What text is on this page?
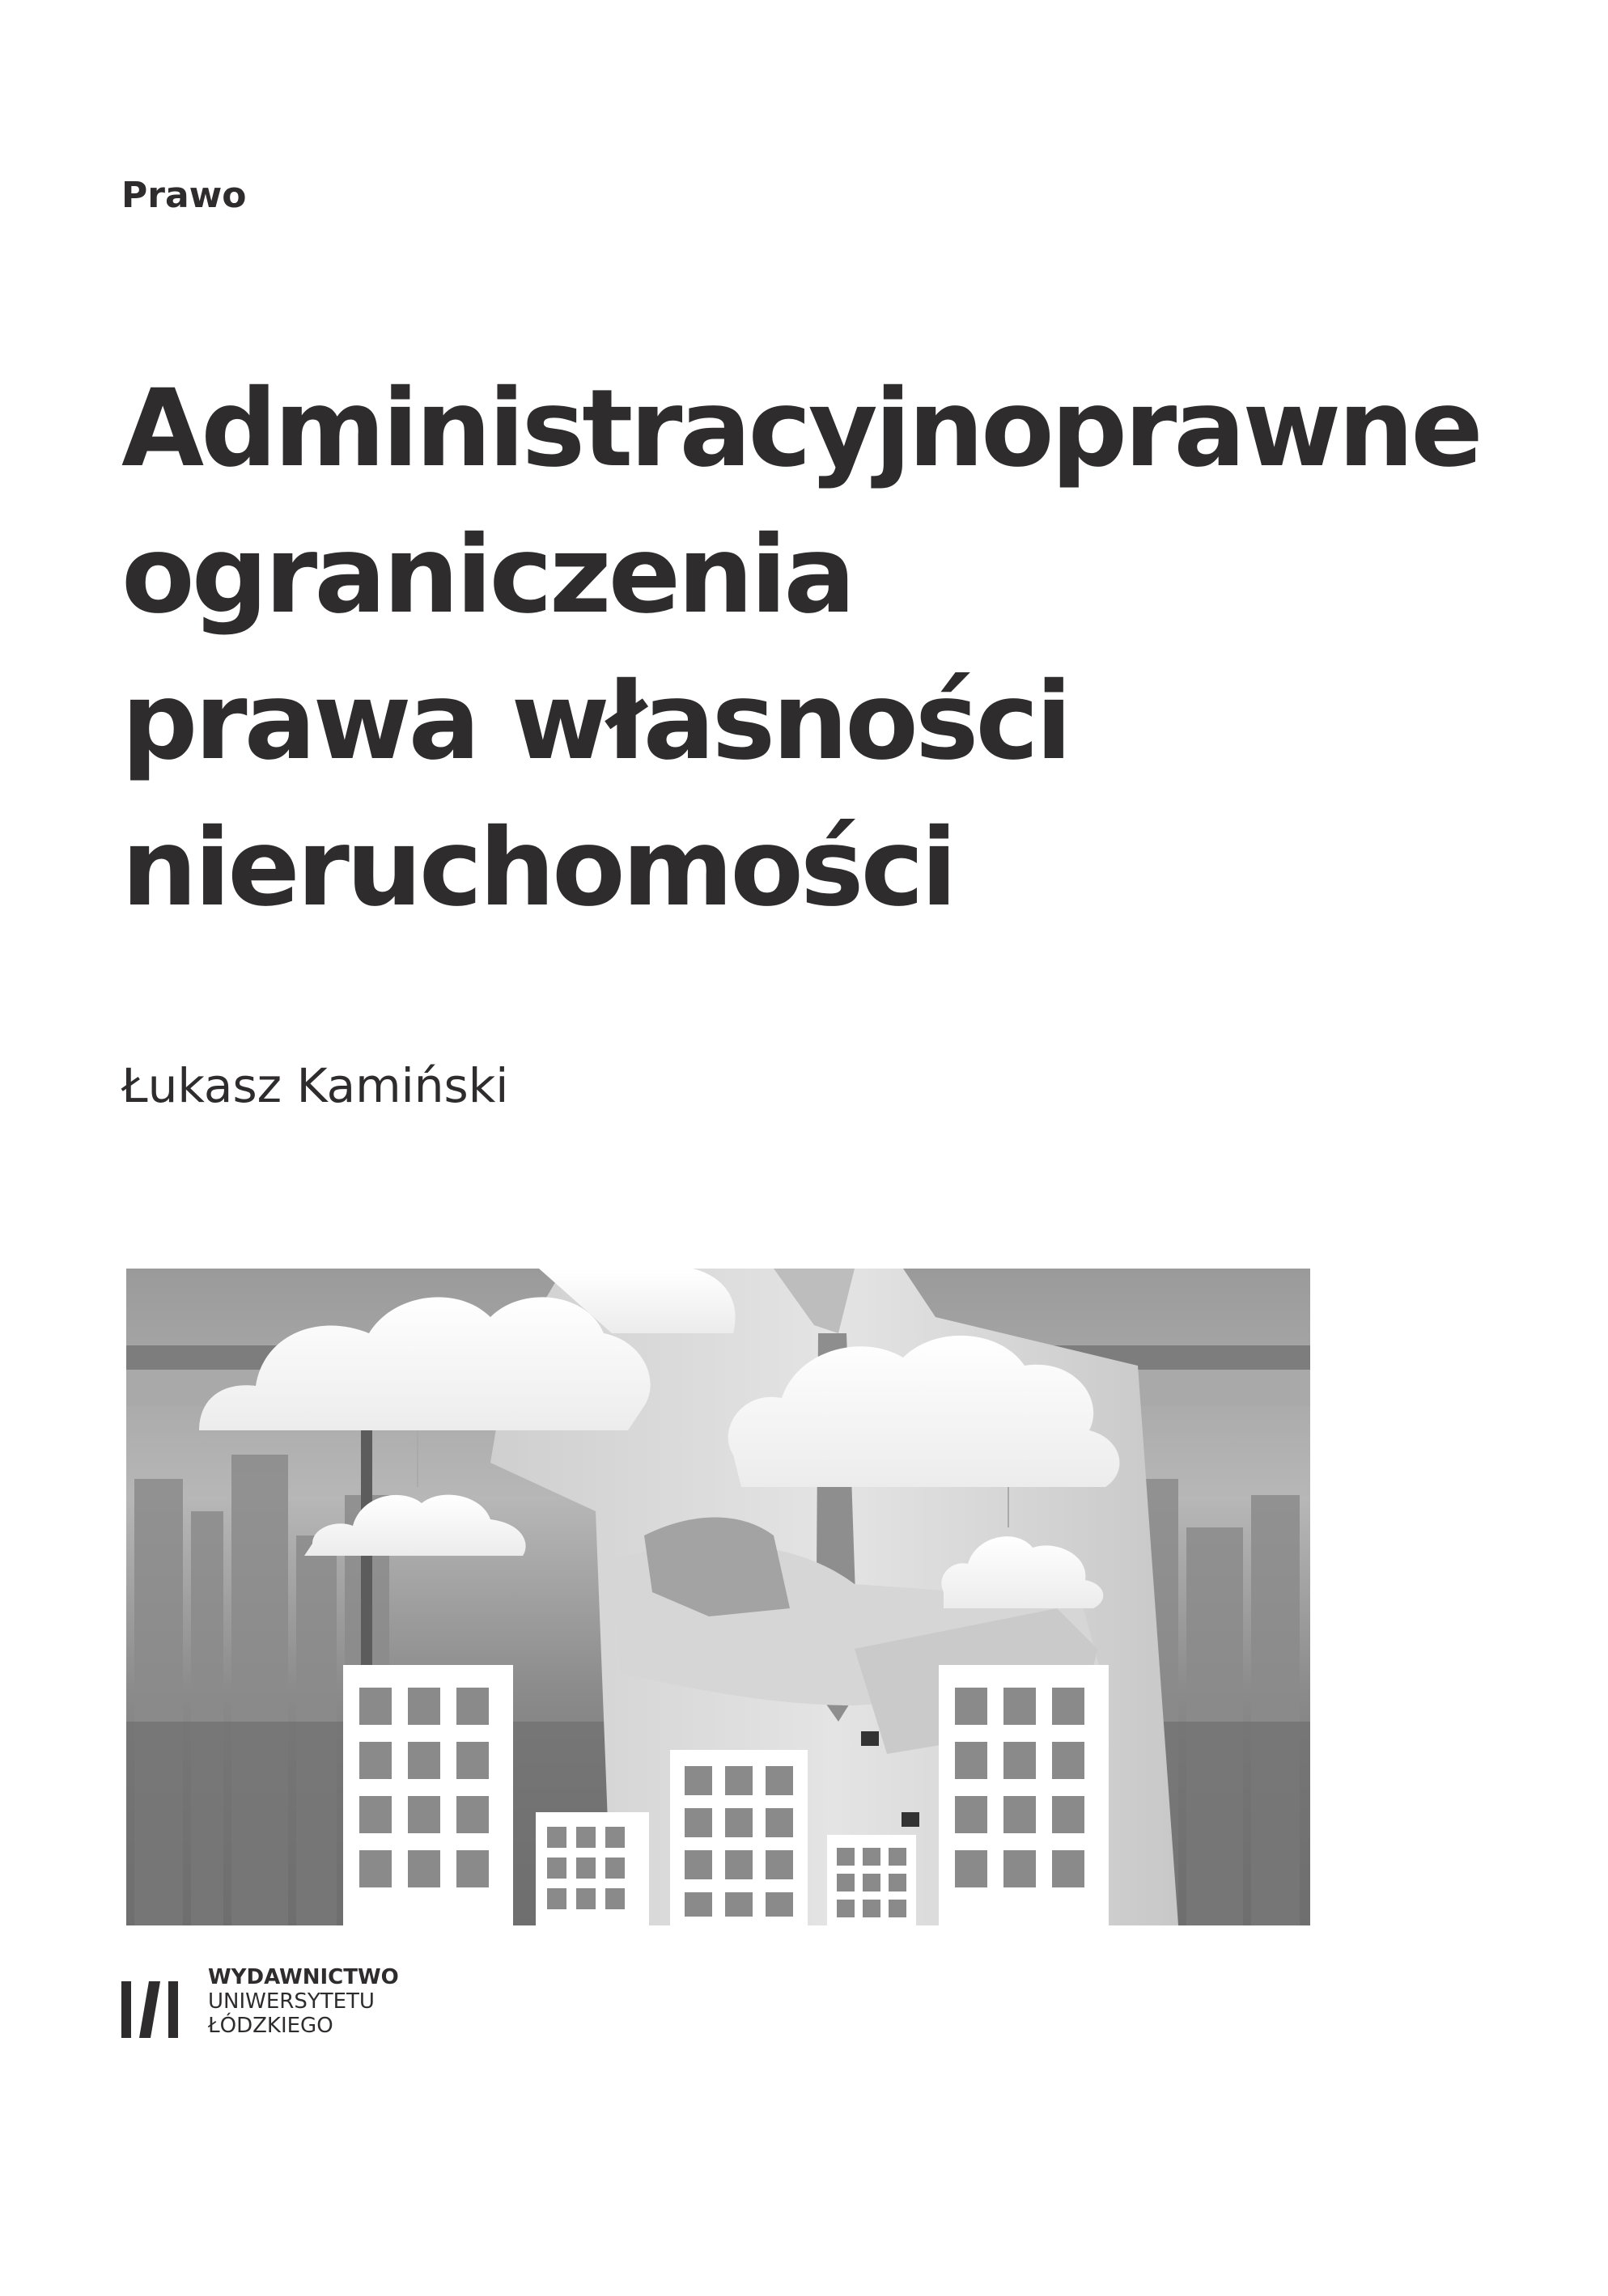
Prawo
Administracyjnoprawne
ograniczenia
prawa własności
nieruchomości
Łukasz Kamiński
WYDAWNICTWO
UNIWERSYTETU
ŁÓDZKIEGO
